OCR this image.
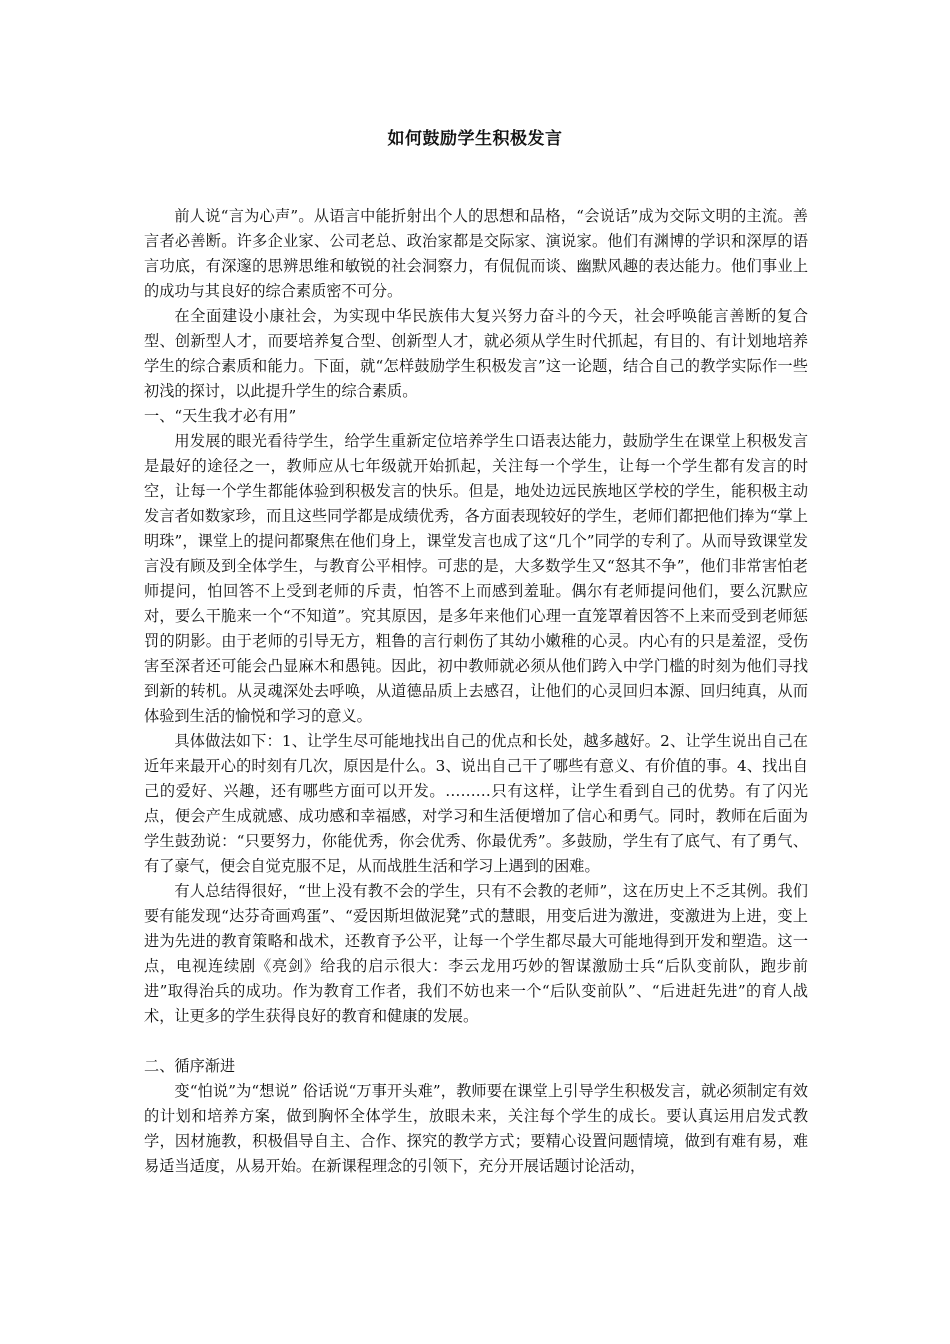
如何鼓励学生积极发言

前人说“言为心声”。从语言中能折射出个人的思想和品格，“会说话”成为交际文明的主流。善言者必善断。许多企业家、公司老总、政治家都是交际家、演说家。他们有渊博的学识和深厚的语言功底，有深邃的思辨思维和敏锐的社会洞察力，有侃侃而谈、幽默风趣的表达能力。他们事业上的成功与其良好的综合素质密不可分。

在全面建设小康社会，为实现中华民族伟大复兴努力奋斗的今天，社会呼唤能言善断的复合型、创新型人才，而要培养复合型、创新型人才，就必须从学生时代抓起，有目的、有计划地培养学生的综合素质和能力。下面，就“怎样鼓励学生积极发言”这一论题，结合自己的教学实际作一些初浅的探讨，以此提升学生的综合素质。

一、“天生我才必有用”

用发展的眼光看待学生，给学生重新定位培养学生口语表达能力，鼓励学生在课堂上积极发言是最好的途径之一，教师应从七年级就开始抓起，关注每一个学生，让每一个学生都有发言的时空，让每一个学生都能体验到积极发言的快乐。但是，地处边远民族地区学校的学生，能积极主动发言者如数家珍，而且这些同学都是成绩优秀，各方面表现较好的学生，老师们都把他们捧为“掌上明珠”，课堂上的提问都聚焦在他们身上，课堂发言也成了这“几个”同学的专利了。从而导致课堂发言没有顾及到全体学生，与教育公平相悖。可悲的是，大多数学生又“怒其不争”，他们非常害怕老师提问，怕回答不上受到老师的斥责，怕答不上而感到羞耻。偶尔有老师提问他们，要么沉默应对，要么干脆来一个“不知道”。究其原因，是多年来他们心理一直笼罩着因答不上来而受到老师惩罚的阴影。由于老师的引导无方，粗鲁的言行刺伤了其幼小嫩稚的心灵。内心有的只是羞涩，受伤害至深者还可能会凸显麻木和愚钝。因此，初中教师就必须从他们跨入中学门槛的时刻为他们寻找到新的转机。从灵魂深处去呼唤，从道德品质上去感召，让他们的心灵回归本源、回归纯真，从而体验到生活的愉悦和学习的意义。

具体做法如下：1、让学生尽可能地找出自己的优点和长处，越多越好。2、让学生说出自己在近年来最开心的时刻有几次，原因是什么。3、说出自己干了哪些有意义、有价值的事。4、找出自己的爱好、兴趣，还有哪些方面可以开发。………只有这样，让学生看到自己的优势。有了闪光点，便会产生成就感、成功感和幸福感，对学习和生活便增加了信心和勇气。同时，教师在后面为学生鼓劲说：“只要努力，你能优秀，你会优秀、你最优秀”。多鼓励，学生有了底气、有了勇气、有了豪气，便会自觉克服不足，从而战胜生活和学习上遇到的困难。

有人总结得很好，“世上没有教不会的学生，只有不会教的老师”，这在历史上不乏其例。我们要有能发现“达芬奇画鸡蛋”、“爱因斯坦做泥凳”式的慧眼，用变后进为激进，变激进为上进，变上进为先进的教育策略和战术，还教育予公平，让每一个学生都尽最大可能地得到开发和塑造。这一点，电视连续剧《亮剑》给我的启示很大：李云龙用巧妙的智谋激励士兵“后队变前队，跑步前进”取得治兵的成功。作为教育工作者，我们不妨也来一个“后队变前队”、“后进赶先进”的育人战术，让更多的学生获得良好的教育和健康的发展。

二、循序渐进

变“怕说”为“想说” 俗话说“万事开头难”，教师要在课堂上引导学生积极发言，就必须制定有效的计划和培养方案，做到胸怀全体学生，放眼未来，关注每个学生的成长。要认真运用启发式教学，因材施教，积极倡导自主、合作、探究的教学方式；要精心设置问题情境，做到有难有易，难易适当适度，从易开始。在新课程理念的引领下，充分开展话题讨论活动，
